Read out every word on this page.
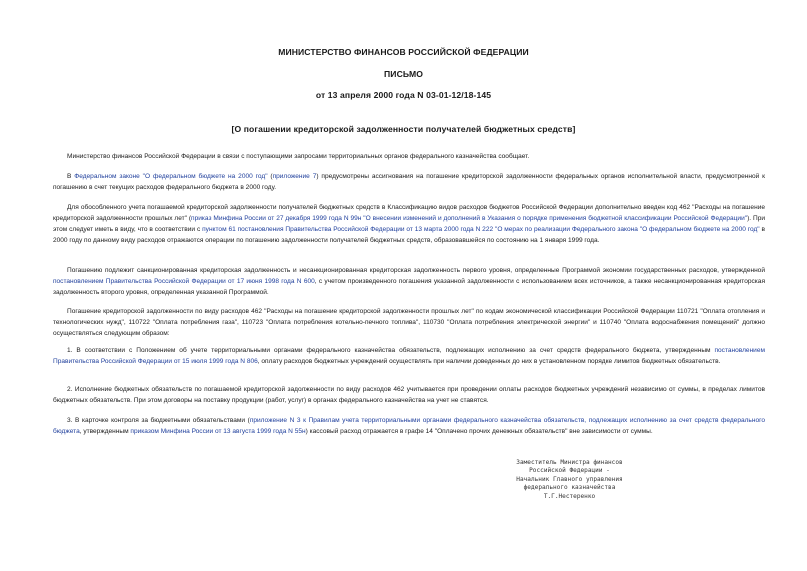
МИНИСТЕРСТВО ФИНАНСОВ РОССИЙСКОЙ ФЕДЕРАЦИИ
ПИСЬМО
от 13 апреля 2000 года N 03-01-12/18-145
[О погашении кредиторской задолженности получателей бюджетных средств]
Министерство финансов Российской Федерации в связи с поступающими запросами территориальных органов федерального казначейства сообщает.
В Федеральном законе "О федеральном бюджете на 2000 год" (приложение 7) предусмотрены ассигнования на погашение кредиторской задолженности федеральных органов исполнительной власти, предусмотренной к погашению в счет текущих расходов федерального бюджета в 2000 году.
Для обособленного учета погашаемой кредиторской задолженности получателей бюджетных средств в Классификацию видов расходов бюджетов Российской Федерации дополнительно введен код 462 "Расходы на погашение кредиторской задолженности прошлых лет" (приказ Минфина России от 27 декабря 1999 года N 99н "О внесении изменений и дополнений в Указания о порядке применения бюджетной классификации Российской Федерации"). При этом следует иметь в виду, что в соответствии с пунктом 61 постановления Правительства Российской Федерации от 13 марта 2000 года N 222 "О мерах по реализации Федерального закона "О федеральном бюджете на 2000 год" в 2000 году по данному виду расходов отражаются операции по погашению задолженности получателей бюджетных средств, образовавшейся по состоянию на 1 января 1999 года.
Погашению подлежит санкционированная кредиторская задолженность и несанкционированная кредиторская задолженность первого уровня, определенные Программой экономии государственных расходов, утвержденной постановлением Правительства Российской Федерации от 17 июня 1998 года N 600, с учетом произведенного погашения указанной задолженности с использованием всех источников, а также несанкционированная кредиторская задолженность второго уровня, определенная указанной Программой.
Погашение кредиторской задолженности по виду расходов 462 "Расходы на погашение кредиторской задолженности прошлых лет" по кодам экономической классификации Российской Федерации 110721 "Оплата отопления и технологических нужд", 110722 "Оплата потребления газа", 110723 "Оплата потребления котельно-печного топлива", 110730 "Оплата потребления электрической энергии" и 110740 "Оплата водоснабжения помещений" должно осуществляться следующим образом:
1. В соответствии с Положением об учете территориальными органами федерального казначейства обязательств, подлежащих исполнению за счет средств федерального бюджета, утвержденным постановлением Правительства Российской Федерации от 15 июля 1999 года N 806, оплату расходов бюджетных учреждений осуществлять при наличии доведенных до них в установленном порядке лимитов бюджетных обязательств.
2. Исполнение бюджетных обязательств по погашаемой кредиторской задолженности по виду расходов 462 учитывается при проведении оплаты расходов бюджетных учреждений независимо от суммы, в пределах лимитов бюджетных обязательств. При этом договоры на поставку продукции (работ, услуг) в органах федерального казначейства на учет не ставятся.
3. В карточке контроля за бюджетными обязательствами (приложение N 3 к Правилам учета территориальными органами федерального казначейства обязательств, подлежащих исполнению за счет средств федерального бюджета, утвержденным приказом Минфина России от 13 августа 1999 года N 55н) кассовый расход отражается в графе 14 "Оплачено прочих денежных обязательств" вне зависимости от суммы.
Заместитель Министра финансов
Российской Федерации -
Начальник Главного управления
федерального казначейства
Т.Г.Нестеренко
